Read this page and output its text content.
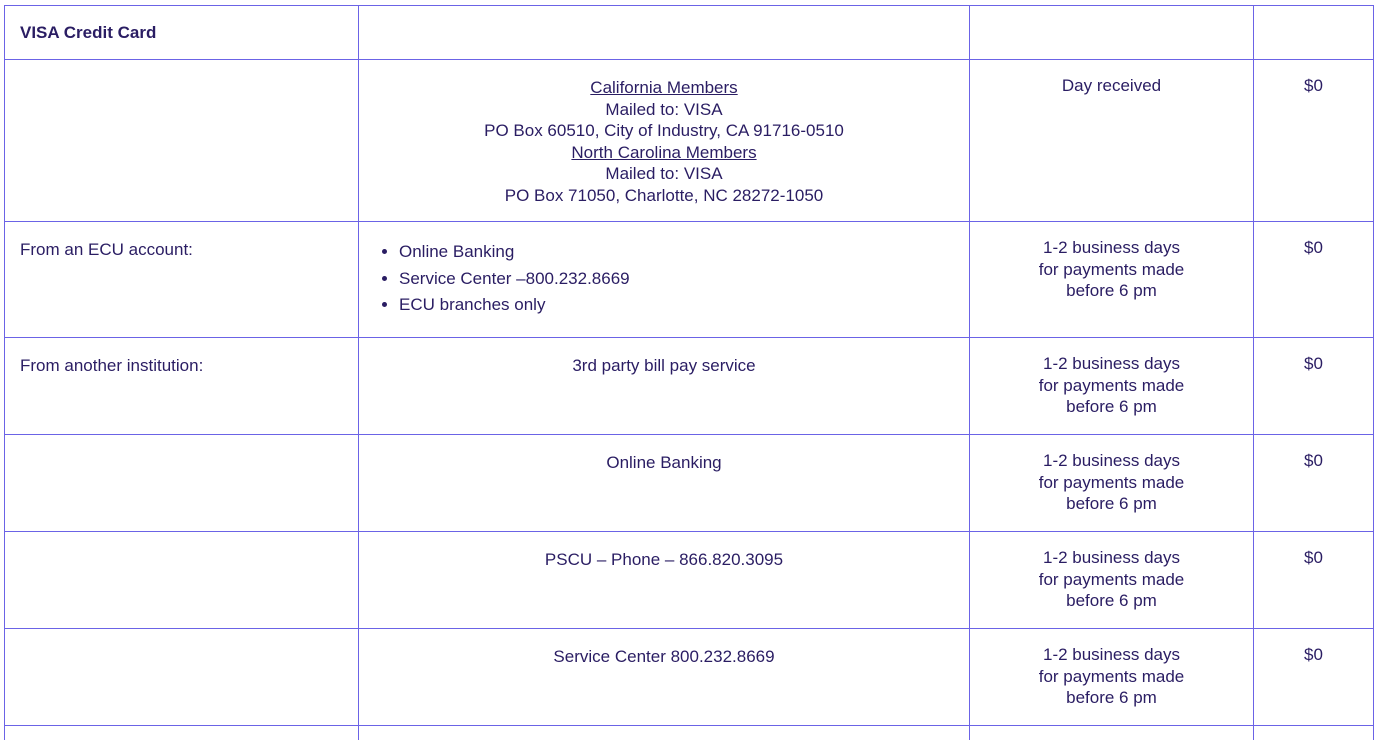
VISA Credit Card
California Members
Mailed to: VISA
PO Box 60510, City of Industry, CA 91716-0510
North Carolina Members
Mailed to: VISA
PO Box 71050, Charlotte, NC 28272-1050
Day received	$0
From an ECU account:
•	Online Banking
• Service Center –800.232.8669
• ECU branches only
1-2 business days
for payments made
before 6 pm
$0
From another institution:	3rd party bill pay service	1-2 business days
for payments made
before 6 pm
$0
Online Banking	1-2 business days
for payments made
before 6 pm
$0
PSCU – Phone – 866.820.3095	1-2 business days
for payments made
before 6 pm
$0
Service Center 800.232.8669	1-2 business days
for payments made
before 6 pm
$0
